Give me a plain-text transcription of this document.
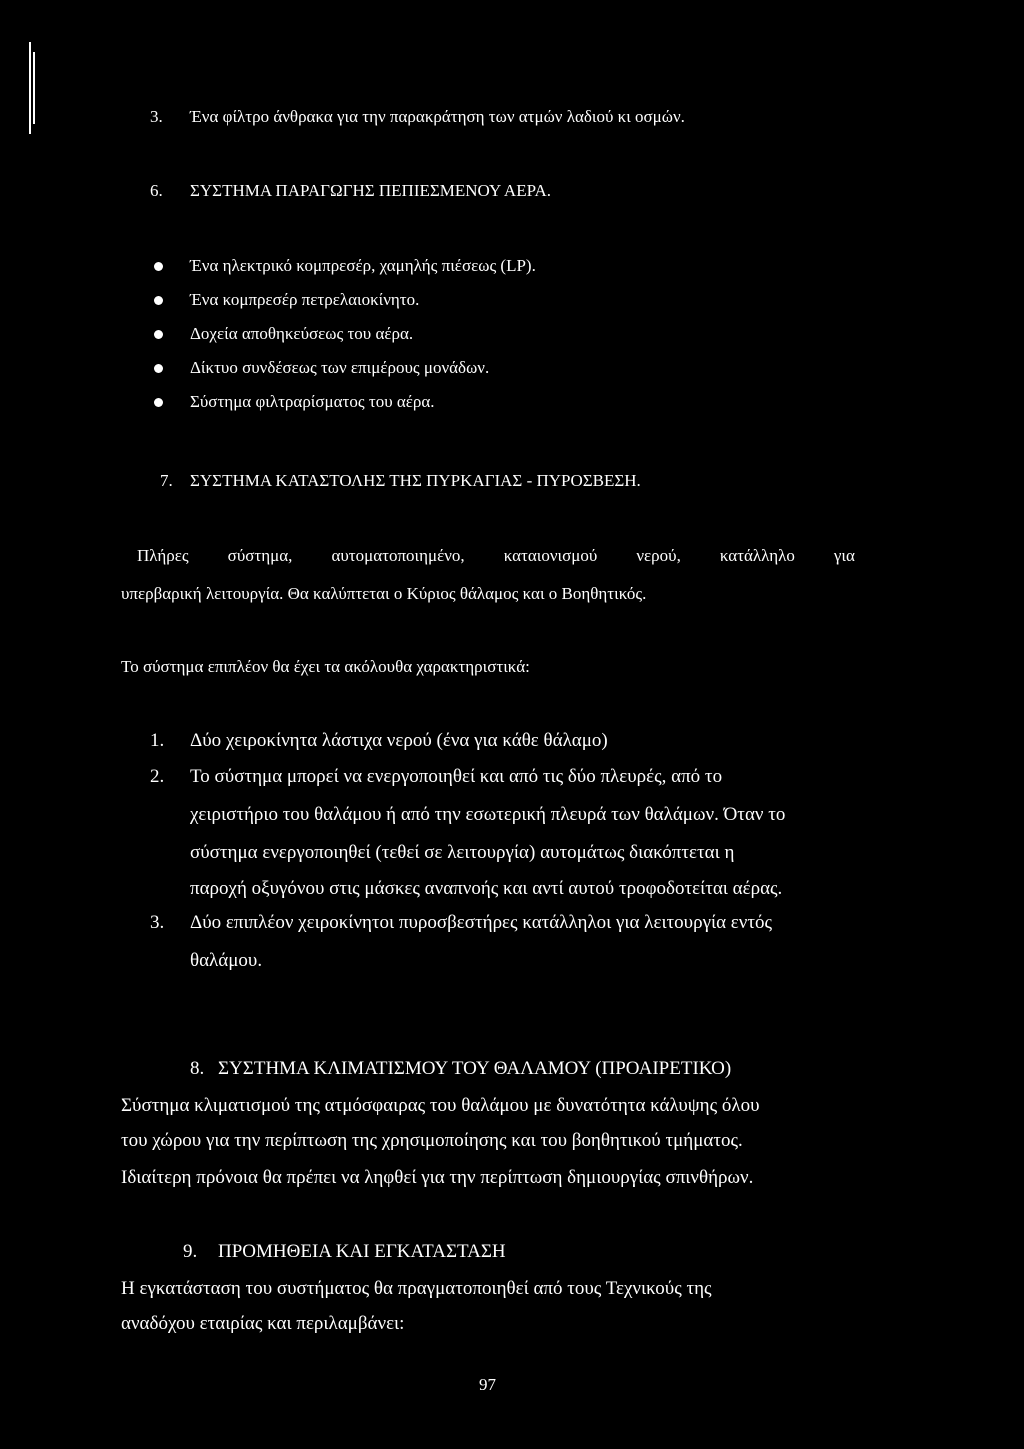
3. Ένα φίλτρο άνθρακα για την παρακράτηση των ατμών λαδιού κι οσμών.
6. ΣΥΣΤΗΜΑ ΠΑΡΑΓΩΓΗΣ ΠΕΠΙΕΣΜΕΝΟΥ ΑΕΡΑ.
Ένα ηλεκτρικό κομπρεσέρ, χαμηλής πιέσεως (LP).
Ένα κομπρεσέρ πετρελαιοκίνητο.
Δοχεία αποθηκεύσεως του αέρα.
Δίκτυο συνδέσεως των επιμέρους μονάδων.
Σύστημα φιλτραρίσματος του αέρα.
7. ΣΥΣΤΗΜΑ ΚΑΤΑΣΤΟΛΗΣ ΤΗΣ ΠΥΡΚΑΓΙΑΣ - ΠΥΡΟΣΒΕΣΗ.
Πλήρες σύστημα, αυτοματοποιημένο, καταιονισμού νερού, κατάλληλο για
υπερβαρική λειτουργία. Θα καλύπτεται ο Κύριος θάλαμος και ο Βοηθητικός.
Το σύστημα επιπλέον θα έχει τα ακόλουθα χαρακτηριστικά:
1. Δύο χειροκίνητα λάστιχα νερού (ένα για κάθε θάλαμο)
2. Το σύστημα μπορεί να ενεργοποιηθεί και από τις δύο πλευρές, από το
χειριστήριο του θαλάμου ή από την εσωτερική πλευρά των θαλάμων. Όταν το
σύστημα ενεργοποιηθεί (τεθεί σε λειτουργία) αυτομάτως διακόπτεται η
παροχή οξυγόνου στις μάσκες αναπνοής και αντί αυτού τροφοδοτείται αέρας.
3. Δύο επιπλέον χειροκίνητοι πυροσβεστήρες κατάλληλοι για λειτουργία εντός
θαλάμου.
8. ΣΥΣΤΗΜΑ ΚΛΙΜΑΤΙΣΜΟΥ ΤΟΥ ΘΑΛΑΜΟΥ (ΠΡΟΑΙΡΕΤΙΚΟ)
Σύστημα κλιματισμού της ατμόσφαιρας του θαλάμου με δυνατότητα κάλυψης όλου
του χώρου για την περίπτωση της χρησιμοποίησης και του βοηθητικού τμήματος.
Ιδιαίτερη πρόνοια θα πρέπει να ληφθεί για την περίπτωση δημιουργίας σπινθήρων.
9. ΠΡΟΜΗΘΕΙΑ ΚΑΙ ΕΓΚΑΤΑΣΤΑΣΗ
Η εγκατάσταση του συστήματος θα πραγματοποιηθεί από τους Τεχνικούς της
αναδόχου εταιρίας και περιλαμβάνει:
97
